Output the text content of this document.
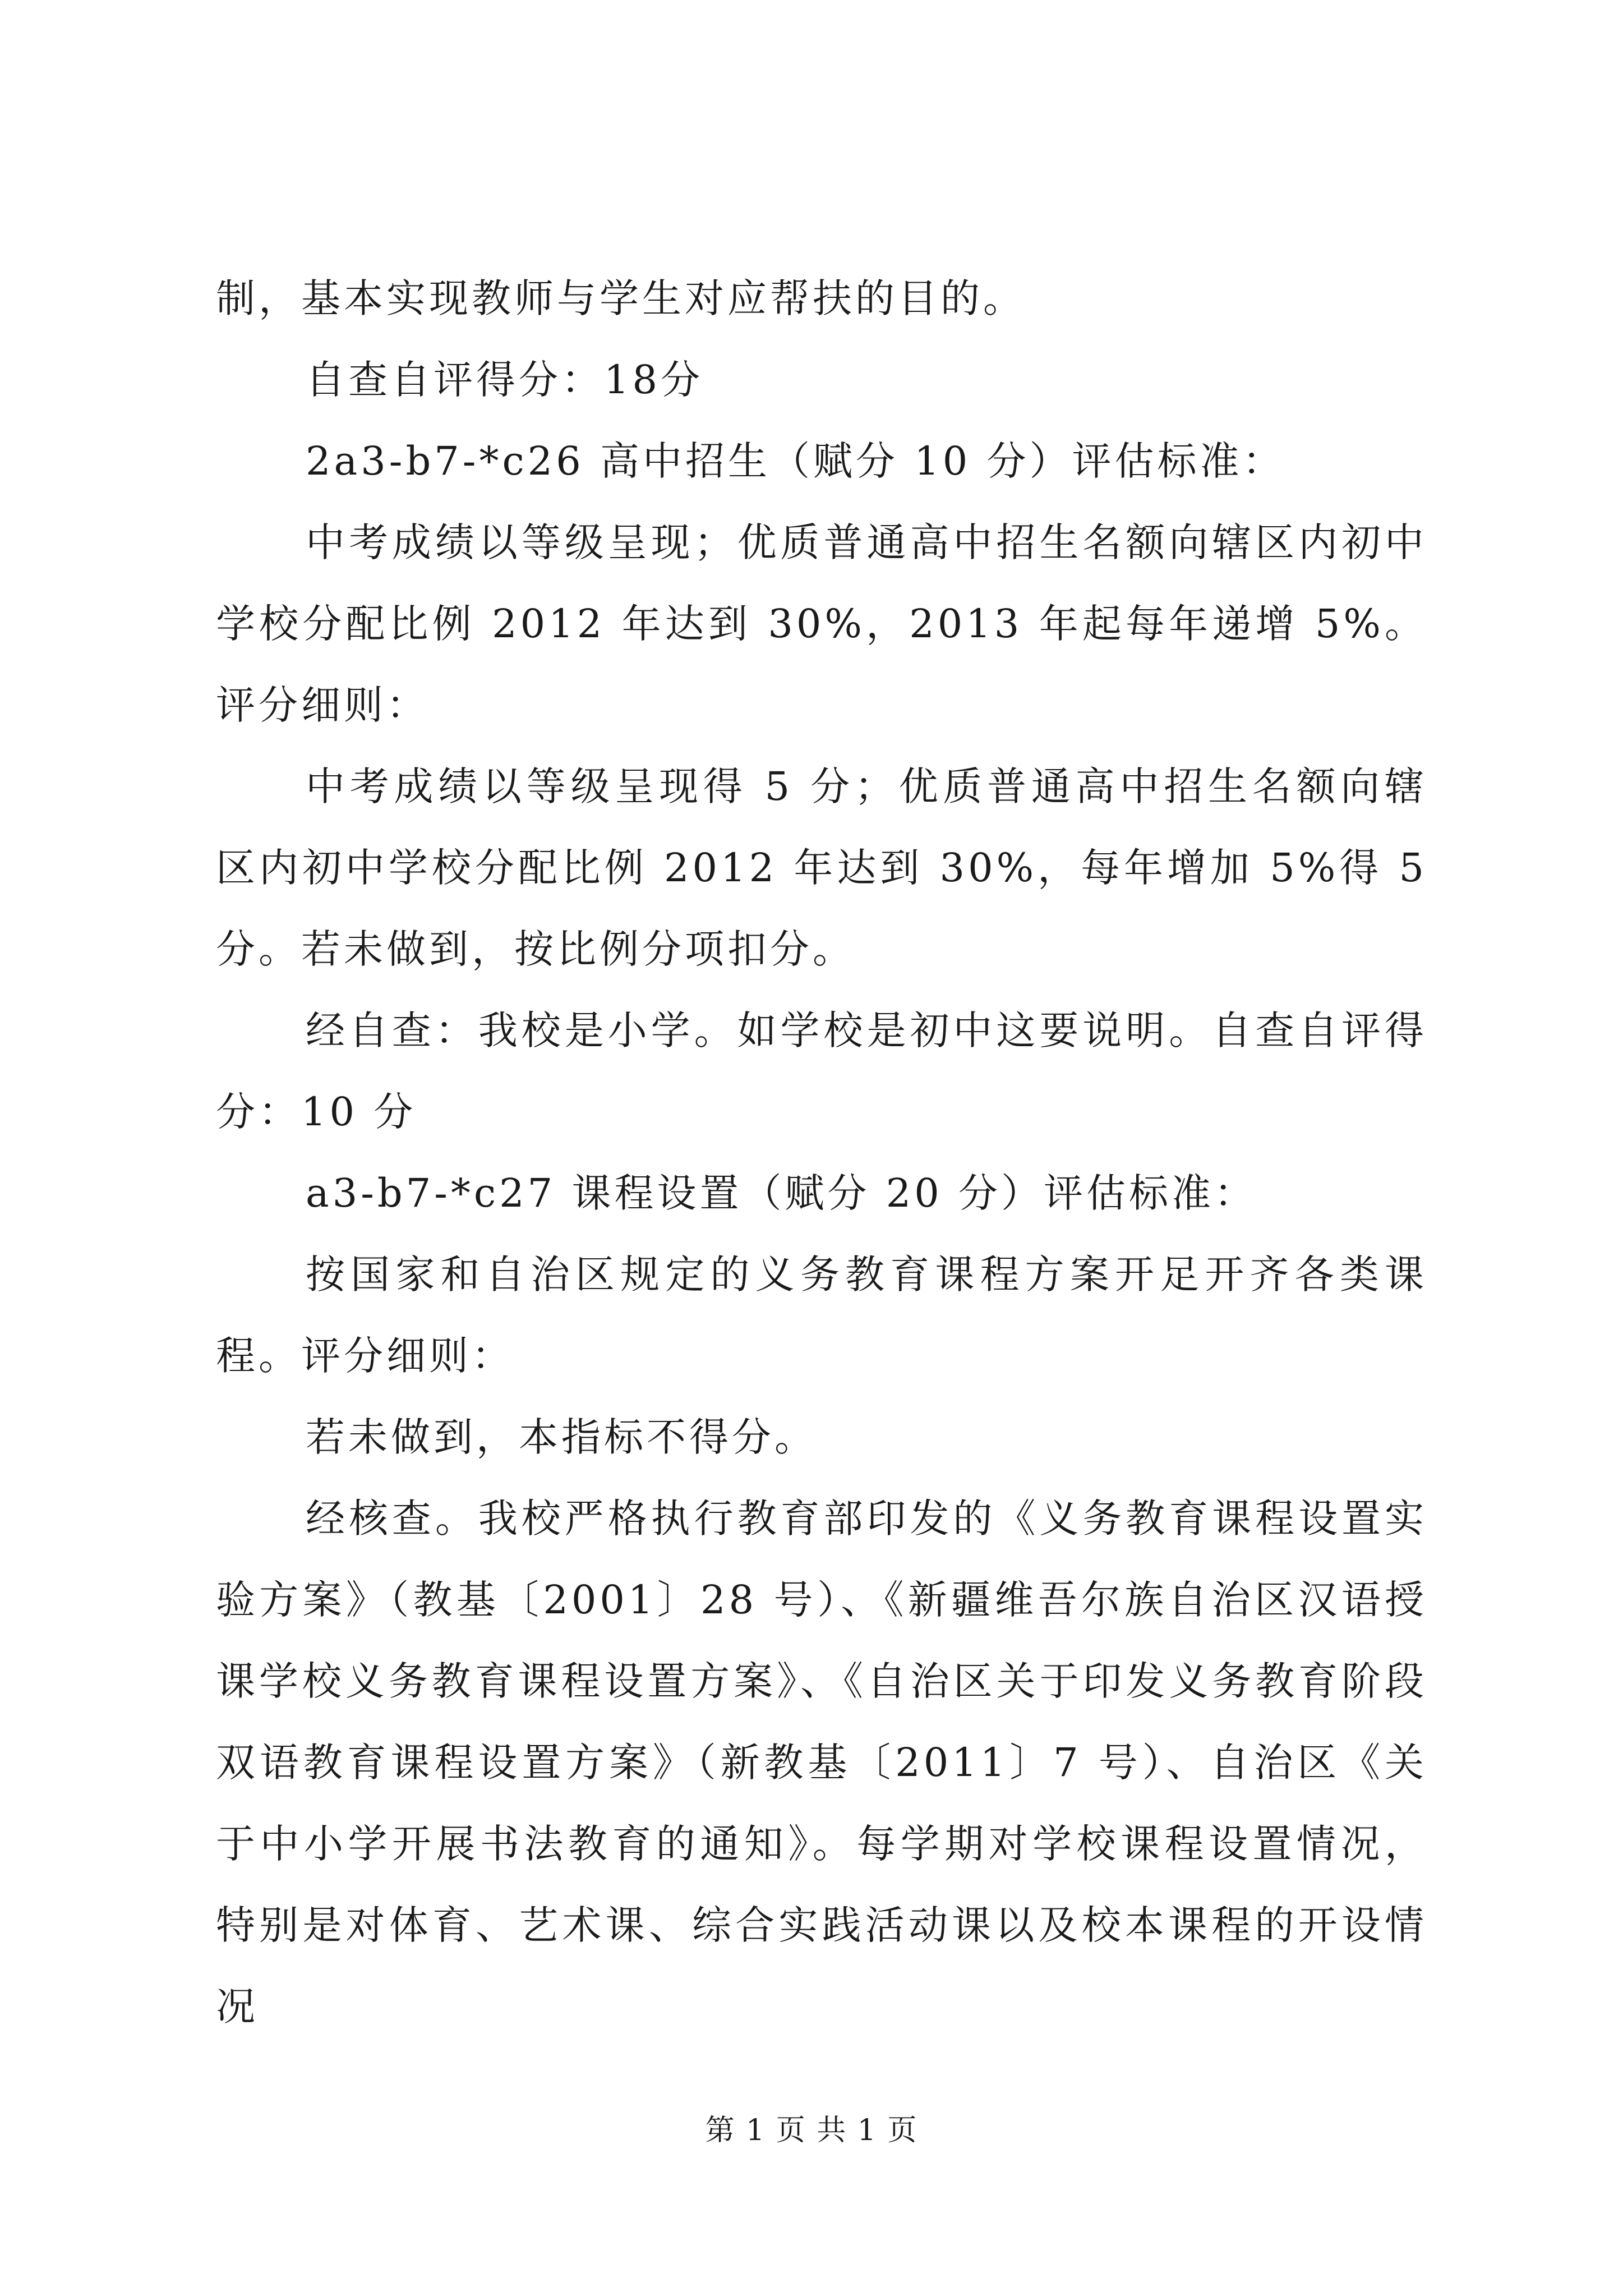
制，基本实现教师与学生对应帮扶的目的。

自查自评得分：18分

2a3-b7-*c26 高中招生（赋分 10 分）评估标准：

中考成绩以等级呈现；优质普通高中招生名额向辖区内初中学校分配比例 2012 年达到 30%，2013 年起每年递增 5%。评分细则：

中考成绩以等级呈现得 5 分；优质普通高中招生名额向辖区内初中学校分配比例 2012 年达到 30%，每年增加 5%得 5 分。若未做到，按比例分项扣分。

经自查：我校是小学。如学校是初中这要说明。自查自评得分：10 分

a3-b7-*c27 课程设置（赋分 20 分）评估标准：

按国家和自治区规定的义务教育课程方案开足开齐各类课程。评分细则：

若未做到，本指标不得分。

经核查。我校严格执行教育部印发的《义务教育课程设置实验方案》（教基〔2001〕28 号）、《新疆维吾尔族自治区汉语授课学校义务教育课程设置方案》、《自治区关于印发义务教育阶段双语教育课程设置方案》（新教基〔2011〕7 号）、自治区《关于中小学开展书法教育的通知》。每学期对学校课程设置情况，特别是对体育、艺术课、综合实践活动课以及校本课程的开设情况

第 1 页 共 1 页
